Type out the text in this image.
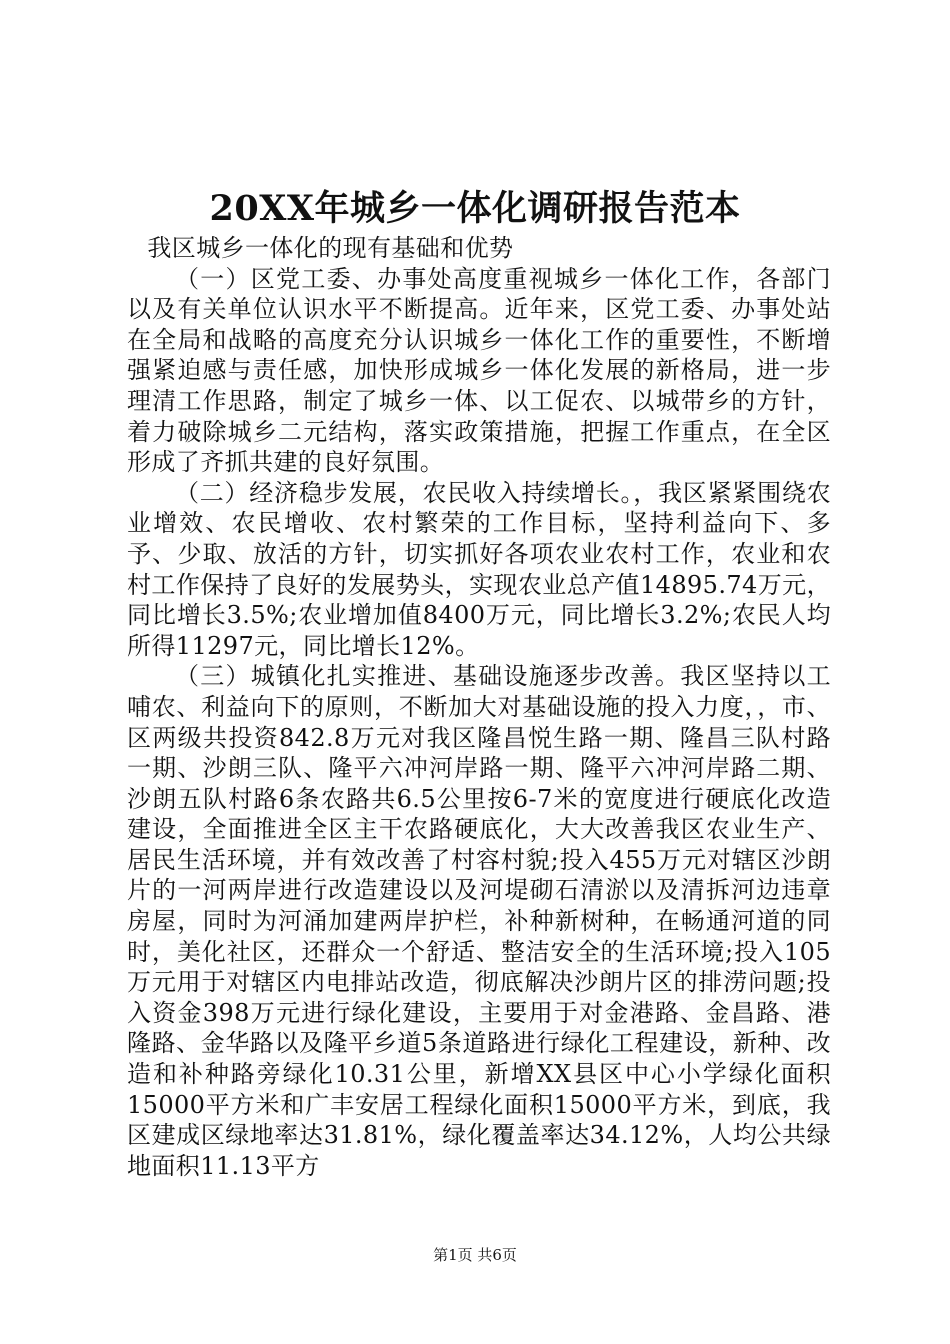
20XX年城乡一体化调研报告范本

我区城乡一体化的现有基础和优势

（一）区党工委、办事处高度重视城乡一体化工作，各部门以及有关单位认识水平不断提高。近年来，区党工委、办事处站在全局和战略的高度充分认识城乡一体化工作的重要性，不断增强紧迫感与责任感，加快形成城乡一体化发展的新格局，进一步理清工作思路，制定了城乡一体、以工促农、以城带乡的方针，着力破除城乡二元结构，落实政策措施，把握工作重点，在全区形成了齐抓共建的良好氛围。

（二）经济稳步发展，农民收入持续增长。，我区紧紧围绕农业增效、农民增收、农村繁荣的工作目标，坚持利益向下、多予、少取、放活的方针，切实抓好各项农业农村工作，农业和农村工作保持了良好的发展势头，实现农业总产值14895.74万元，同比增长3.5%;农业增加值8400万元，同比增长3.2%;农民人均所得11297元，同比增长12%。

（三）城镇化扎实推进、基础设施逐步改善。我区坚持以工哺农、利益向下的原则，不断加大对基础设施的投入力度，，市、区两级共投资842.8万元对我区隆昌悦生路一期、隆昌三队村路一期、沙朗三队、隆平六冲河岸路一期、隆平六冲河岸路二期、沙朗五队村路6条农路共6.5公里按6-7米的宽度进行硬底化改造建设，全面推进全区主干农路硬底化，大大改善我区农业生产、居民生活环境，并有效改善了村容村貌;投入455万元对辖区沙朗片的一河两岸进行改造建设以及河堤砌石清淤以及清拆河边违章房屋，同时为河涌加建两岸护栏，补种新树种，在畅通河道的同时，美化社区，还群众一个舒适、整洁安全的生活环境;投入105万元用于对辖区内电排站改造，彻底解决沙朗片区的排涝问题;投入资金398万元进行绿化建设，主要用于对金港路、金昌路、港隆路、金华路以及隆平乡道5条道路进行绿化工程建设，新种、改造和补种路旁绿化10.31公里，新增XX县区中心小学绿化面积15000平方米和广丰安居工程绿化面积15000平方米，到底，我区建成区绿地率达31.81%，绿化覆盖率达34.12%，人均公共绿地面积11.13平方

第1页 共6页
